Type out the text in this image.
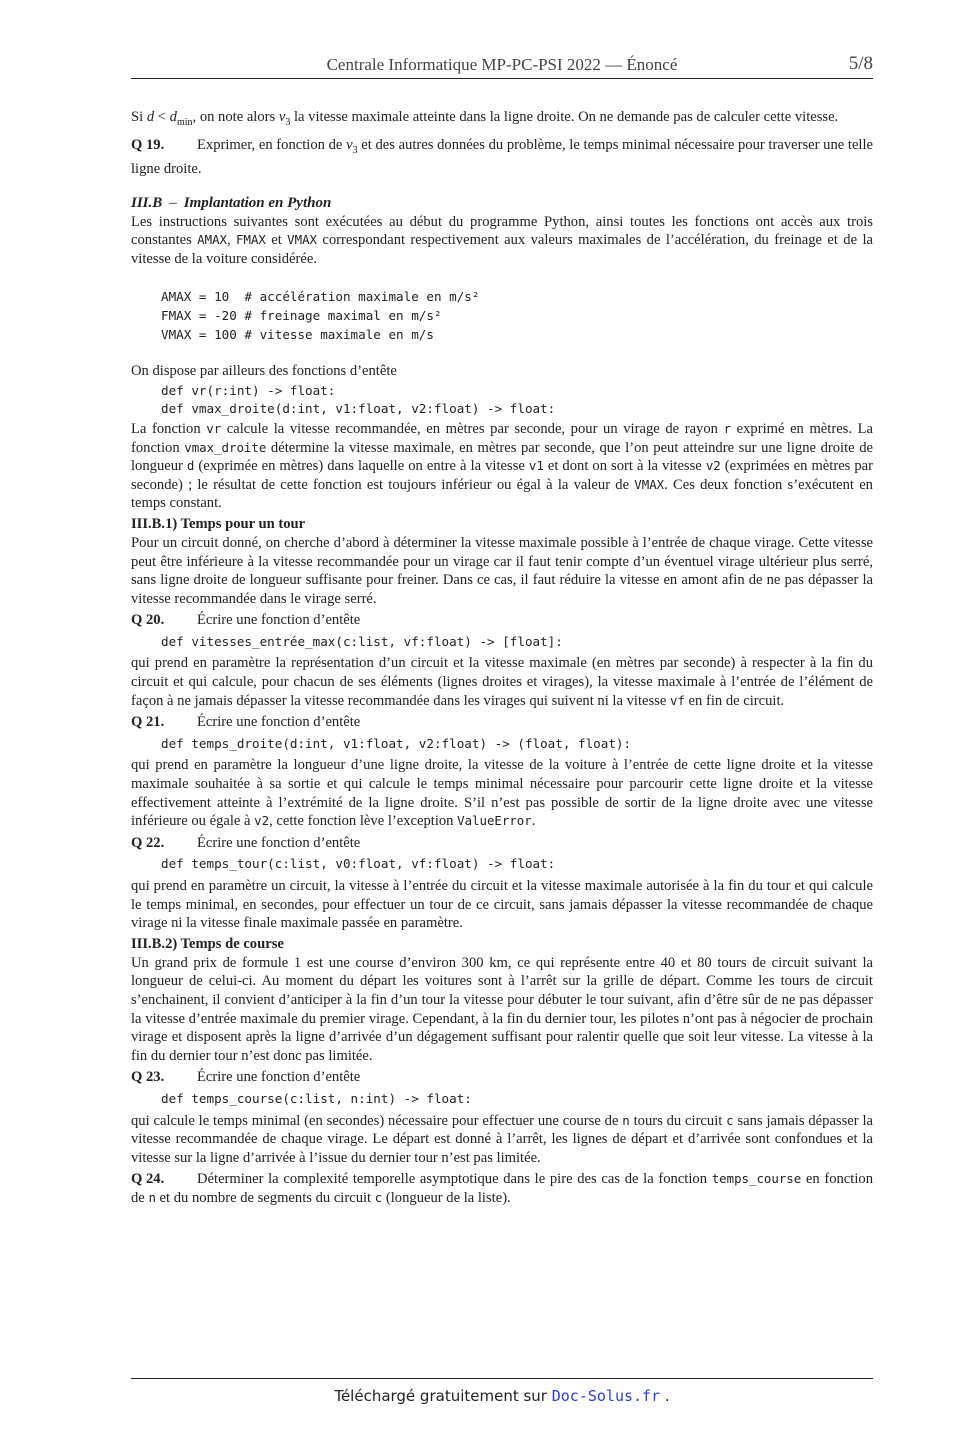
Centrale Informatique MP-PC-PSI 2022 — Énoncé	5/8

Si $d < d_{min}$, on note alors $v_3$ la vitesse maximale atteinte dans la ligne droite. On ne demande pas de calculer cette vitesse.

Q 19. Exprimer, en fonction de $v_3$ et des autres données du problème, le temps minimal nécessaire pour traverser une telle ligne droite.

III.B – Implantation en Python

Les instructions suivantes sont exécutées au début du programme Python, ainsi toutes les fonctions ont accès aux trois constantes AMAX, FMAX et VMAX correspondant respectivement aux valeurs maximales de l’accélération, du freinage et de la vitesse de la voiture considérée.

AMAX = 10  # accélération maximale en m/s²
FMAX = -20 # freinage maximal en m/s²
VMAX = 100 # vitesse maximale en m/s

On dispose par ailleurs des fonctions d’entête

def vr(r:int) -> float:
def vmax_droite(d:int, v1:float, v2:float) -> float:

La fonction vr calcule la vitesse recommandée, en mètres par seconde, pour un virage de rayon r exprimé en mètres. La fonction vmax_droite détermine la vitesse maximale, en mètres par seconde, que l’on peut atteindre sur une ligne droite de longueur d (exprimée en mètres) dans laquelle on entre à la vitesse v1 et dont on sort à la vitesse v2 (exprimées en mètres par seconde) ; le résultat de cette fonction est toujours inférieur ou égal à la valeur de VMAX. Ces deux fonction s’exécutent en temps constant.

III.B.1) Temps pour un tour

Pour un circuit donné, on cherche d’abord à déterminer la vitesse maximale possible à l’entrée de chaque virage. Cette vitesse peut être inférieure à la vitesse recommandée pour un virage car il faut tenir compte d’un éventuel virage ultérieur plus serré, sans ligne droite de longueur suffisante pour freiner. Dans ce cas, il faut réduire la vitesse en amont afin de ne pas dépasser la vitesse recommandée dans le virage serré.

Q 20. Écrire une fonction d’entête

def vitesses_entrée_max(c:list, vf:float) -> [float]:

qui prend en paramètre la représentation d’un circuit et la vitesse maximale (en mètres par seconde) à respecter à la fin du circuit et qui calcule, pour chacun de ses éléments (lignes droites et virages), la vitesse maximale à l’entrée de l’élément de façon à ne jamais dépasser la vitesse recommandée dans les virages qui suivent ni la vitesse vf en fin de circuit.

Q 21. Écrire une fonction d’entête

def temps_droite(d:int, v1:float, v2:float) -> (float, float):

qui prend en paramètre la longueur d’une ligne droite, la vitesse de la voiture à l’entrée de cette ligne droite et la vitesse maximale souhaitée à sa sortie et qui calcule le temps minimal nécessaire pour parcourir cette ligne droite et la vitesse effectivement atteinte à l’extrémité de la ligne droite. S’il n’est pas possible de sortir de la ligne droite avec une vitesse inférieure ou égale à v2, cette fonction lève l’exception ValueError.

Q 22. Écrire une fonction d’entête

def temps_tour(c:list, v0:float, vf:float) -> float:

qui prend en paramètre un circuit, la vitesse à l’entrée du circuit et la vitesse maximale autorisée à la fin du tour et qui calcule le temps minimal, en secondes, pour effectuer un tour de ce circuit, sans jamais dépasser la vitesse recommandée de chaque virage ni la vitesse finale maximale passée en paramètre.

III.B.2) Temps de course

Un grand prix de formule 1 est une course d’environ 300 km, ce qui représente entre 40 et 80 tours de circuit suivant la longueur de celui-ci. Au moment du départ les voitures sont à l’arrêt sur la grille de départ. Comme les tours de circuit s’enchainent, il convient d’anticiper à la fin d’un tour la vitesse pour débuter le tour suivant, afin d’être sûr de ne pas dépasser la vitesse d’entrée maximale du premier virage. Cependant, à la fin du dernier tour, les pilotes n’ont pas à négocier de prochain virage et disposent après la ligne d’arrivée d’un dégagement suffisant pour ralentir quelle que soit leur vitesse. La vitesse à la fin du dernier tour n’est donc pas limitée.

Q 23. Écrire une fonction d’entête

def temps_course(c:list, n:int) -> float:

qui calcule le temps minimal (en secondes) nécessaire pour effectuer une course de n tours du circuit c sans jamais dépasser la vitesse recommandée de chaque virage. Le départ est donné à l’arrêt, les lignes de départ et d’arrivée sont confondues et la vitesse sur la ligne d’arrivée à l’issue du dernier tour n’est pas limitée.

Q 24. Déterminer la complexité temporelle asymptotique dans le pire des cas de la fonction temps_course en fonction de n et du nombre de segments du circuit c (longueur de la liste).

Téléchargé gratuitement sur Doc-Solus.fr .
